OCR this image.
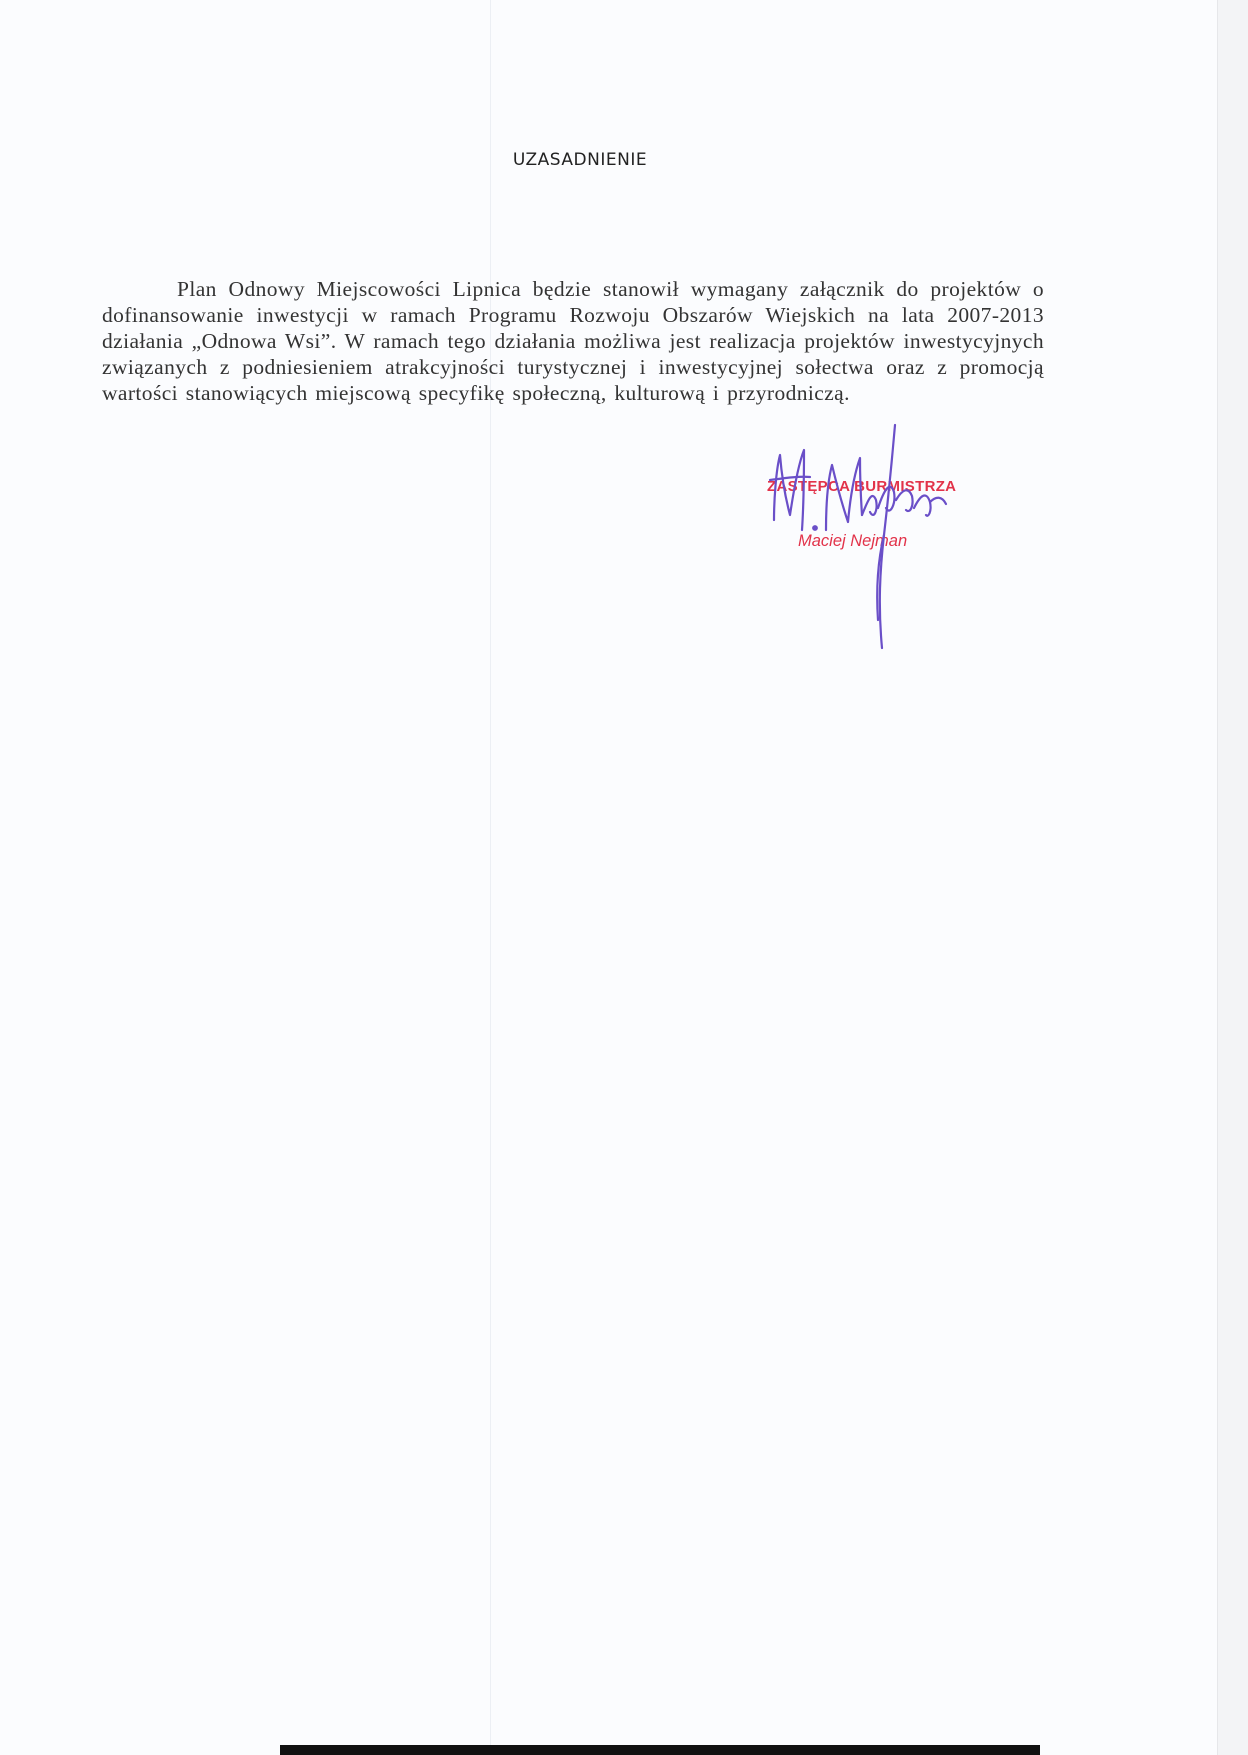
UZASADNIENIE

Plan Odnowy Miejscowości Lipnica będzie stanowił wymagany załącznik do projektów o dofinansowanie inwestycji w ramach Programu Rozwoju Obszarów Wiejskich na lata 2007-2013 działania „Odnowa Wsi”. W ramach tego działania możliwa jest realizacja projektów inwestycyjnych związanych z podniesieniem atrakcyjności turystycznej i inwestycyjnej sołectwa oraz z promocją wartości stanowiących miejscową specyfikę społeczną, kulturową i przyrodniczą.

ZASTĘPCA BURMISTRZA
Maciej Nejman
